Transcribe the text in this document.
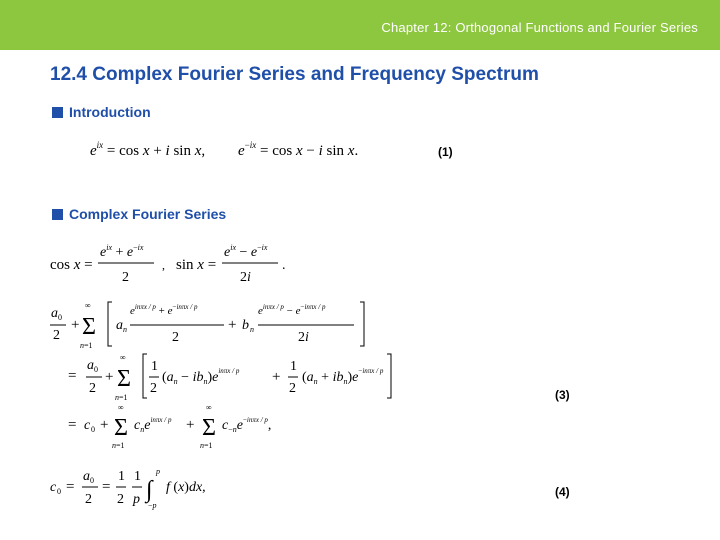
Chapter 12: Orthogonal Functions and Fourier Series
12.4 Complex Fourier Series and Frequency Spectrum
Introduction
Complex Fourier Series
(1)
(3)
(4)
$e^{ix} = \cos x + i$ sin x, e−ix = cos x − i sin x.
cos x =
$e^{ix} + e^-ix$
2
, sin x =
$e^{ix} - e^-ix$
2i
.
a 0
2
+
∞
Σ
n=1
a n
$e^{in\pi x / p} + e^-in\pi x / p$
2
+ b n
$e^{in\pi x / p} - e^-in\pi x / p$
2i
=
a 0
2
+
∞
Σ
n=1
1
2
$(a_n - ib_n)e^{in\pi x / p}$ +
1
2
$(a_n + ib_n)e^-in\pi x / p$
= c 0 +
∞
Σ
n=1
$c_ne^{in\pi x / p}$ +
∞
Σ
n=1
$c_-ne^-in\pi x$ / p,
c 0 =
a 0
2
=
1
2
1
p ∫
p
−p
f (x)dx,
